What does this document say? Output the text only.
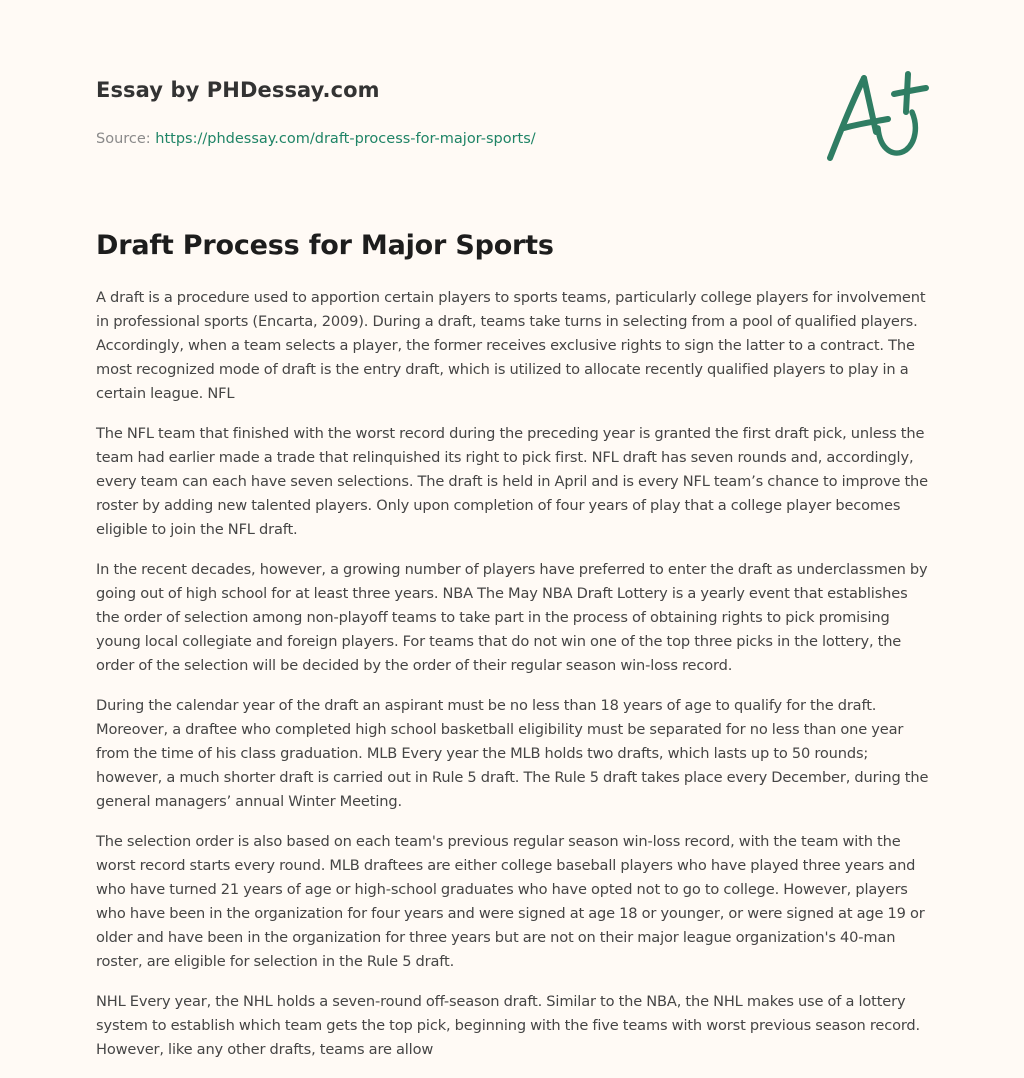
Essay by PHDessay.com
Source: https://phdessay.com/draft-process-for-major-sports/
Draft Process for Major Sports

A draft is a procedure used to apportion certain players to sports teams, particularly college players for involvement in professional sports (Encarta, 2009). During a draft, teams take turns in selecting from a pool of qualified players. Accordingly, when a team selects a player, the former receives exclusive rights to sign the latter to a contract. The most recognized mode of draft is the entry draft, which is utilized to allocate recently qualified players to play in a certain league. NFL

The NFL team that finished with the worst record during the preceding year is granted the first draft pick, unless the team had earlier made a trade that relinquished its right to pick first. NFL draft has seven rounds and, accordingly, every team can each have seven selections. The draft is held in April and is every NFL team’s chance to improve the roster by adding new talented players. Only upon completion of four years of play that a college player becomes eligible to join the NFL draft.

In the recent decades, however, a growing number of players have preferred to enter the draft as underclassmen by going out of high school for at least three years. NBA The May NBA Draft Lottery is a yearly event that establishes the order of selection among non-playoff teams to take part in the process of obtaining rights to pick promising young local collegiate and foreign players. For teams that do not win one of the top three picks in the lottery, the order of the selection will be decided by the order of their regular season win-loss record.

During the calendar year of the draft an aspirant must be no less than 18 years of age to qualify for the draft. Moreover, a draftee who completed high school basketball eligibility must be separated for no less than one year from the time of his class graduation. MLB Every year the MLB holds two drafts, which lasts up to 50 rounds; however, a much shorter draft is carried out in Rule 5 draft. The Rule 5 draft takes place every December, during the general managers’ annual Winter Meeting.

The selection order is also based on each team's previous regular season win-loss record, with the team with the worst record starts every round. MLB draftees are either college baseball players who have played three years and who have turned 21 years of age or high-school graduates who have opted not to go to college. However, players who have been in the organization for four years and were signed at age 18 or younger, or were signed at age 19 or older and have been in the organization for three years but are not on their major league organization's 40-man roster, are eligible for selection in the Rule 5 draft.

NHL Every year, the NHL holds a seven-round off-season draft. Similar to the NBA, the NHL makes use of a lottery system to establish which team gets the top pick, beginning with the five teams with worst previous season record. However, like any other drafts, teams are allow
